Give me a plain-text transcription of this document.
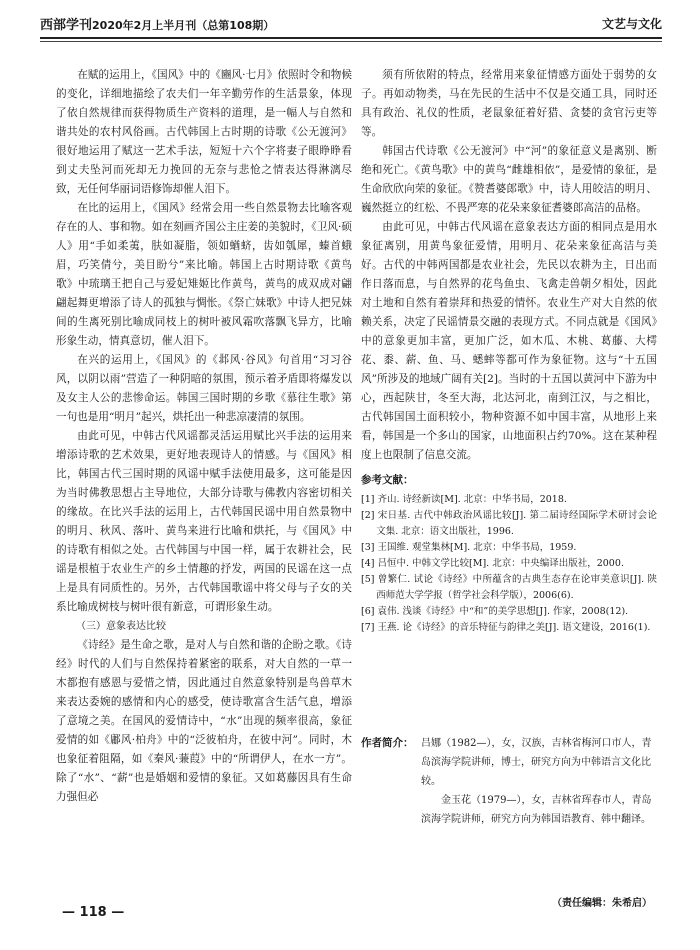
西部学刊2020年2月上半月刊（总第108期）	文艺与文化

在赋的运用上，《国风》中的《豳风·七月》依照时令和物候的变化，详细地描绘了农夫们一年辛勤劳作的生活景象，体现了依自然规律而获得物质生产资料的道理，是一幅人与自然和谐共处的农村风俗画。古代韩国上古时期的诗歌《公无渡河》很好地运用了赋这一艺术手法，短短十六个字将妻子眼睁睁看到丈夫坠河而死却无力挽回的无奈与悲怆之情表达得淋漓尽致，无任何华丽词语修饰却催人泪下。

在比的运用上，《国风》经常会用一些自然景物去比喻客观存在的人、事和物。如在刻画齐国公主庄姜的美貌时，《卫风·硕人》用“手如柔荑，肤如凝脂，领如蝤蛴，齿如瓠犀，螓首蛾眉，巧笑倩兮，美目盼兮”来比喻。韩国上古时期诗歌《黄鸟歌》中琉璃王把自己与爱妃雉姬比作黄鸟，黄鸟的成双成对翩翩起舞更增添了诗人的孤独与惆怅。《祭亡妹歌》中诗人把兄妹间的生离死别比喻成同枝上的树叶被风霜吹落飘飞异方，比喻形象生动，情真意切，催人泪下。

在兴的运用上，《国风》的《邶风·谷风》句首用“习习谷风，以阴以雨”营造了一种阴暗的氛围，预示着矛盾即将爆发以及女主人公的悲惨命运。韩国三国时期的乡歌《慕往生歌》第一句也是用“明月”起兴，烘托出一种悲凉凄清的氛围。

由此可见，中韩古代风谣都灵活运用赋比兴手法的运用来增添诗歌的艺术效果，更好地表现诗人的情感。与《国风》相比，韩国古代三国时期的风谣中赋手法使用最多，这可能是因为当时佛教思想占主导地位，大部分诗歌与佛教内容密切相关的缘故。在比兴手法的运用上，古代韩国民谣中用自然景物中的明月、秋风、落叶、黄鸟来进行比喻和烘托，与《国风》中的诗歌有相似之处。古代韩国与中国一样，属于农耕社会，民谣是根植于农业生产的乡土情趣的抒发，两国的民谣在这一点上是具有同质性的。另外，古代韩国歌谣中将父母与子女的关系比喻成树枝与树叶很有新意，可谓形象生动。

（三）意象表达比较

《诗经》是生命之歌，是对人与自然和谐的企盼之歌。《诗经》时代的人们与自然保持着紧密的联系，对大自然的一草一木都抱有感恩与爱惜之情，因此通过自然意象特别是鸟兽草木来表达委婉的感情和内心的感受，使诗歌富含生活气息，增添了意境之美。在国风的爱情诗中，“水”出现的频率很高，象征爱情的如《鄘风·柏舟》中的“泛彼柏舟，在彼中河”。同时，木也象征着阻隔，如《秦风·蒹葭》中的“所谓伊人，在水一方”。除了“水”、“薪”也是婚姻和爱情的象征。又如葛藤因具有生命力强但必

须有所依附的特点，经常用来象征情感方面处于弱势的女子。再如动物类，马在先民的生活中不仅是交通工具，同时还具有政治、礼仪的性质，老鼠象征着好猎、贪婪的贪官污吏等等。

韩国古代诗歌《公无渡河》中“河”的象征意义是离别、断绝和死亡。《黄鸟歌》中的黄鸟“雌雄相依”，是爱情的象征，是生命欣欣向荣的象征。《赞耆婆郎歌》中，诗人用皎洁的明月、巍然挺立的红松、不畏严寒的花朵来象征耆婆郎高洁的品格。

由此可见，中韩古代风谣在意象表达方面的相同点是用水象征离别，用黄鸟象征爱情，用明月、花朵来象征高洁与美好。古代的中韩两国都是农业社会，先民以农耕为主，日出而作日落而息，与自然界的花鸟鱼虫、飞禽走兽朝夕相处，因此对土地和自然有着崇拜和热爱的情怀。农业生产对大自然的依赖关系，决定了民谣情景交融的表现方式。不同点就是《国风》中的意象更加丰富，更加广泛，如木瓜、木桃、葛藤、大樗花、黍、薪、鱼、马、蟋蟀等都可作为象征物。这与“十五国风”所涉及的地域广阔有关[2]。当时的十五国以黄河中下游为中心，西起陕甘，冬至大海，北达河北，南到江汉，与之相比，古代韩国国土面积较小，物种资源不如中国丰富，从地形上来看，韩国是一个多山的国家，山地面积占约70%。这在某种程度上也限制了信息交流。

参考文献：
[1] 齐山. 诗经新读[M]. 北京：中华书局，2018.
[2] 宋日基. 古代中韩政治风谣比较[J]. 第二届诗经国际学术研讨会论文集. 北京：语文出版社，1996.
[3] 王国维. 观堂集林[M]. 北京：中华书局，1959.
[4] 吕恒中. 中韩文学比较[M]. 北京：中央编译出版社，2000.
[5] 曾繁仁. 试论《诗经》中所蕴含的古典生态存在论审美意识[J]. 陕西师范大学学报（哲学社会科学版），2006(6).
[6] 袁伟. 浅谈《诗经》中“和”的美学思想[J]. 作家，2008(12).
[7] 王燕. 论《诗经》的音乐特征与韵律之美[J]. 语文建设，2016(1).
作者简介： 吕娜（1982—），女，汉族，吉林省梅河口市人，青岛滨海学院讲师，博士，研究方向为中韩语言文化比较。

金玉花（1979—），女，吉林省珲春市人，青岛滨海学院讲师，研究方向为韩国语教育、韩中翻译。

（责任编辑：朱希启）
— 118 —
